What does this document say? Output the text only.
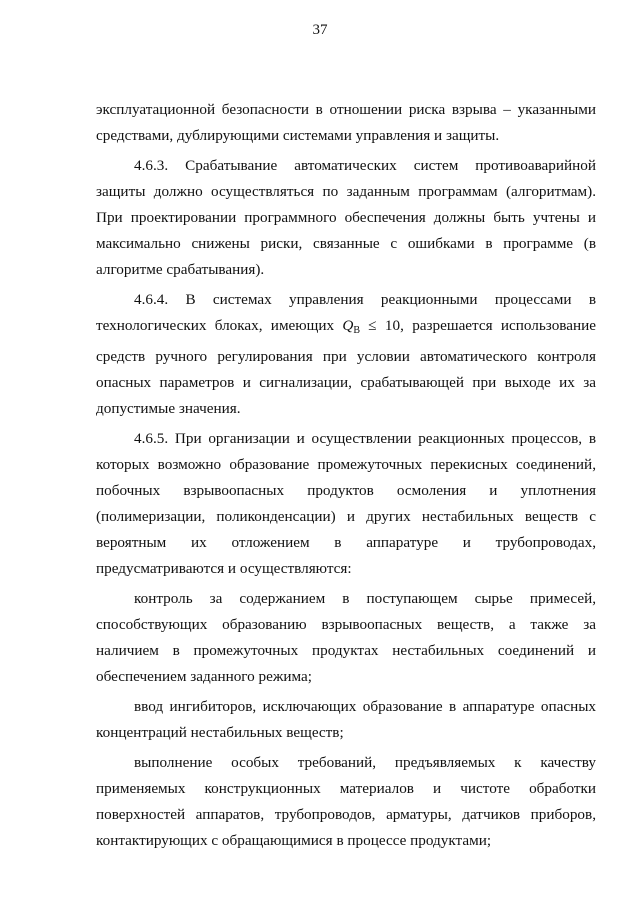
37

эксплуатационной безопасности в отношении риска взрыва – указанными средствами, дублирующими системами управления и защиты.

4.6.3. Срабатывание автоматических систем противоаварийной защиты должно осуществляться по заданным программам (алгоритмам). При проектировании программного обеспечения должны быть учтены и максимально снижены риски, связанные с ошибками в программе (в алгоритме срабатывания).

4.6.4. В системах управления реакционными процессами в технологических блоках, имеющих QB ≤ 10, разрешается использование средств ручного регулирования при условии автоматического контроля опасных параметров и сигнализации, срабатывающей при выходе их за допустимые значения.

4.6.5. При организации и осуществлении реакционных процессов, в которых возможно образование промежуточных перекисных соединений, побочных взрывоопасных продуктов осмоления и уплотнения (полимеризации, поликонденсации) и других нестабильных веществ с вероятным их отложением в аппаратуре и трубопроводах, предусматриваются и осуществляются:

контроль за содержанием в поступающем сырье примесей, способствующих образованию взрывоопасных веществ, а также за наличием в промежуточных продуктах нестабильных соединений и обеспечением заданного режима;

ввод ингибиторов, исключающих образование в аппаратуре опасных концентраций нестабильных веществ;

выполнение особых требований, предъявляемых к качеству применяемых конструкционных материалов и чистоте обработки поверхностей аппаратов, трубопроводов, арматуры, датчиков приборов, контактирующих с обращающимися в процессе продуктами;
